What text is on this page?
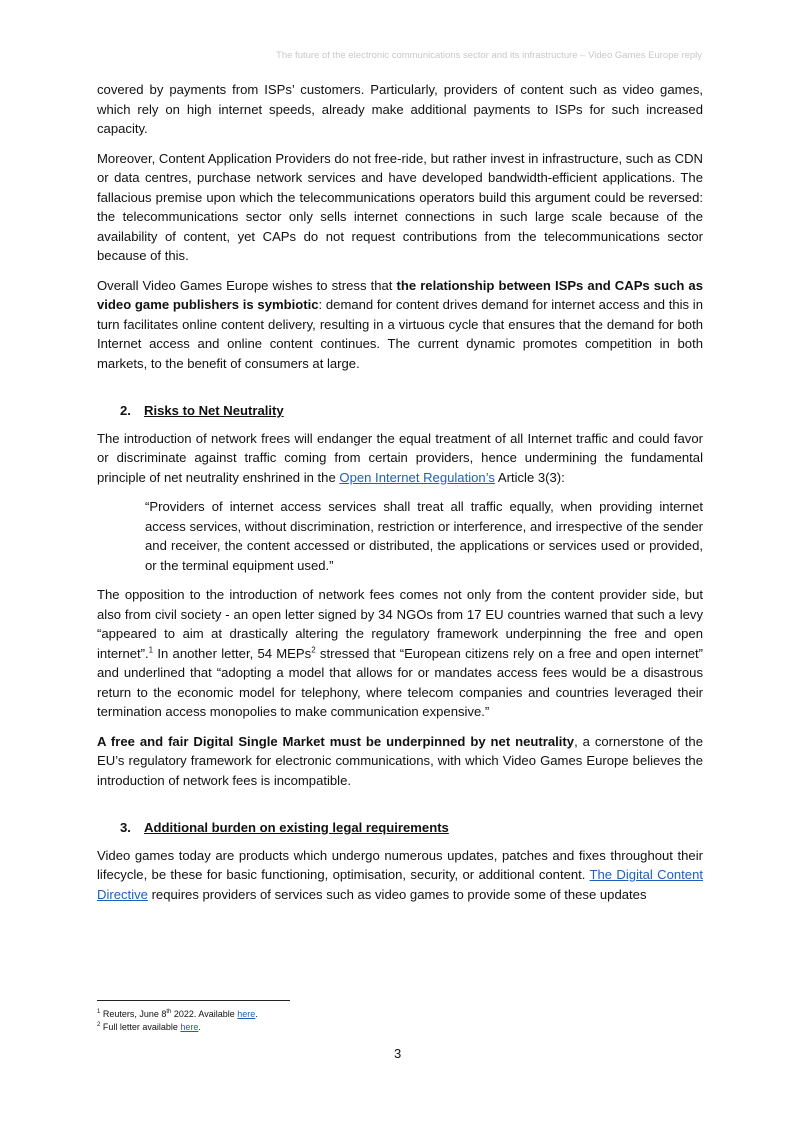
The future of the electronic communications sector and its infrastructure – Video Games Europe reply

covered by payments from ISPs’ customers. Particularly, providers of content such as video games, which rely on high internet speeds, already make additional payments to ISPs for such increased capacity.

Moreover, Content Application Providers do not free-ride, but rather invest in infrastructure, such as CDN or data centres, purchase network services and have developed bandwidth-efficient applications. The fallacious premise upon which the telecommunications operators build this argument could be reversed: the telecommunications sector only sells internet connections in such large scale because of the availability of content, yet CAPs do not request contributions from the telecommunications sector because of this.

Overall Video Games Europe wishes to stress that the relationship between ISPs and CAPs such as video game publishers is symbiotic: demand for content drives demand for internet access and this in turn facilitates online content delivery, resulting in a virtuous cycle that ensures that the demand for both Internet access and online content continues. The current dynamic promotes competition in both markets, to the benefit of consumers at large.

2. Risks to Net Neutrality

The introduction of network frees will endanger the equal treatment of all Internet traffic and could favor or discriminate against traffic coming from certain providers, hence undermining the fundamental principle of net neutrality enshrined in the Open Internet Regulation’s Article 3(3):

“Providers of internet access services shall treat all traffic equally, when providing internet access services, without discrimination, restriction or interference, and irrespective of the sender and receiver, the content accessed or distributed, the applications or services used or provided, or the terminal equipment used.”

The opposition to the introduction of network fees comes not only from the content provider side, but also from civil society - an open letter signed by 34 NGOs from 17 EU countries warned that such a levy “appeared to aim at drastically altering the regulatory framework underpinning the free and open internet”.$^1$ In another letter, 54 MEPs$^2$ stressed that “European citizens rely on a free and open internet” and underlined that “adopting a model that allows for or mandates access fees would be a disastrous return to the economic model for telephony, where telecom companies and countries leveraged their termination access monopolies to make communication expensive.”

A free and fair Digital Single Market must be underpinned by net neutrality, a cornerstone of the EU’s regulatory framework for electronic communications, with which Video Games Europe believes the introduction of network fees is incompatible.

3. Additional burden on existing legal requirements

Video games today are products which undergo numerous updates, patches and fixes throughout their lifecycle, be these for basic functioning, optimisation, security, or additional content. The Digital Content Directive requires providers of services such as video games to provide some of these updates

$^1$ Reuters, June 8th 2022. Available here.
$^2$ Full letter available here.
3
